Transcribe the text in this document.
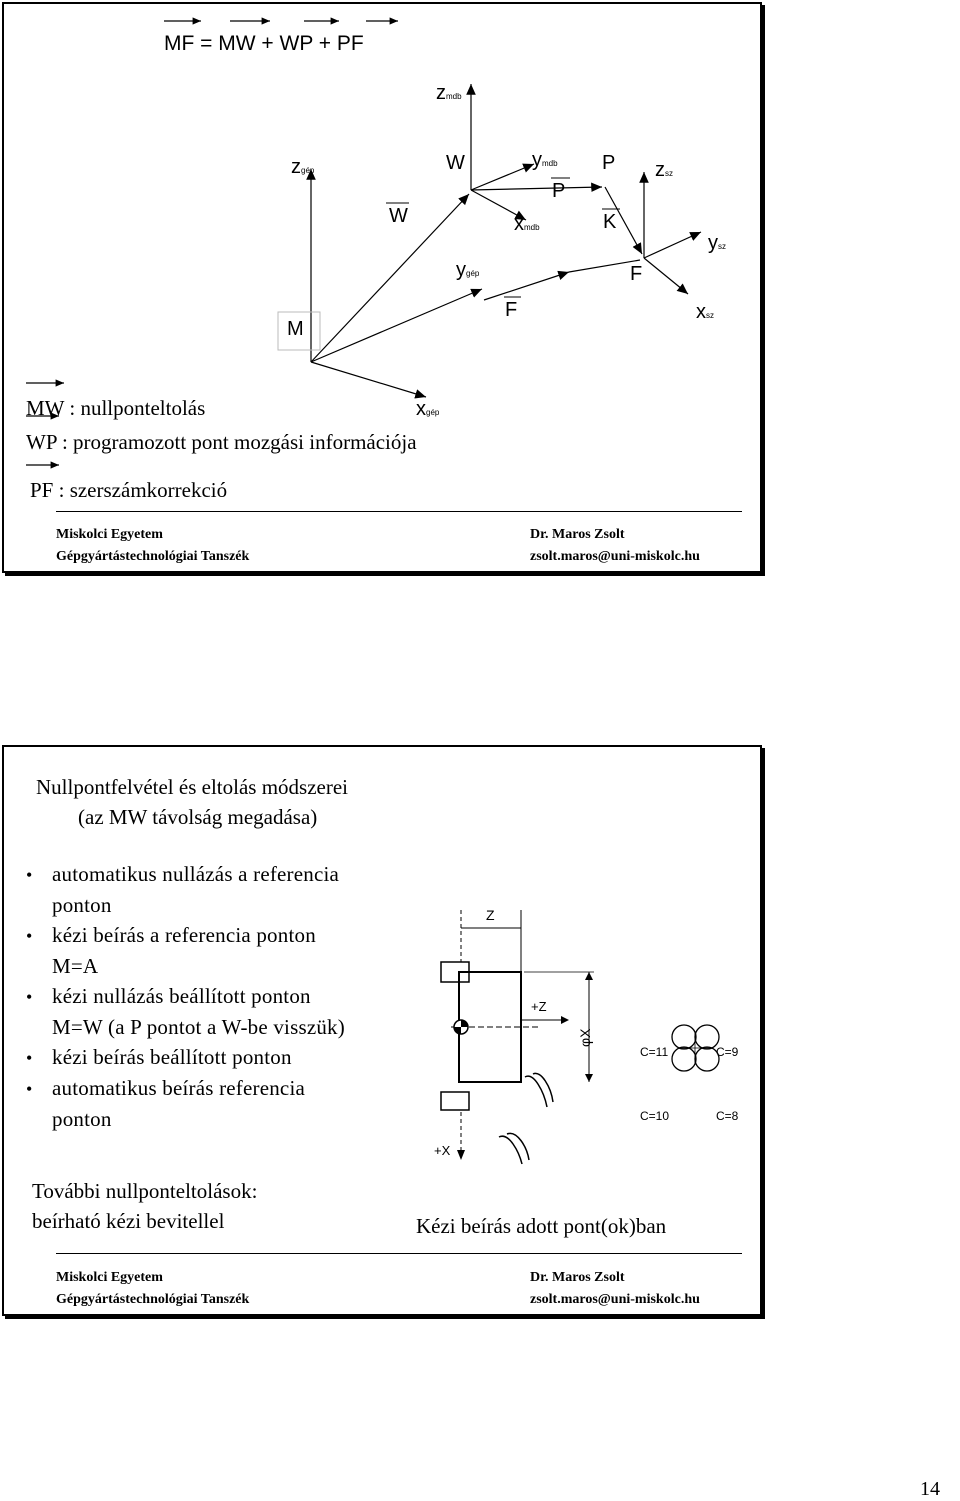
MF = MW + WP + PF
zmdb
zgép	W	ymdb P zsz
P
W	xmdb	K
ysz
ygép	F
F	xsz
M
xgép
MW : nullponteltolás
WP : programozott pont mozgási információja
PF : szerszámkorrekció
Miskolci Egyetem
Gépgyártástechnológiai Tanszék
Dr. Maros Zsolt
zsolt.maros@uni-miskolc.hu
Nullpontfelvétel és eltolás módszerei
(az MW távolság megadása)
• automatikus nullázás a referencia
ponton
• kézi beírás a referencia ponton
M=A
• kézi nullázás beállított ponton
M=W (a P pontot a W-be visszük)
• kézi beírás beállított ponton
• automatikus beírás referencia
ponton
Z
+Z
φX
+X
C=11	C=9
C=10	C=8
További nullponteltolások:
beírható kézi bevitellel	Kézi beírás adott pont(ok)ban
Miskolci Egyetem
Gépgyártástechnológiai Tanszék
Dr. Maros Zsolt
zsolt.maros@uni-miskolc.hu
14
